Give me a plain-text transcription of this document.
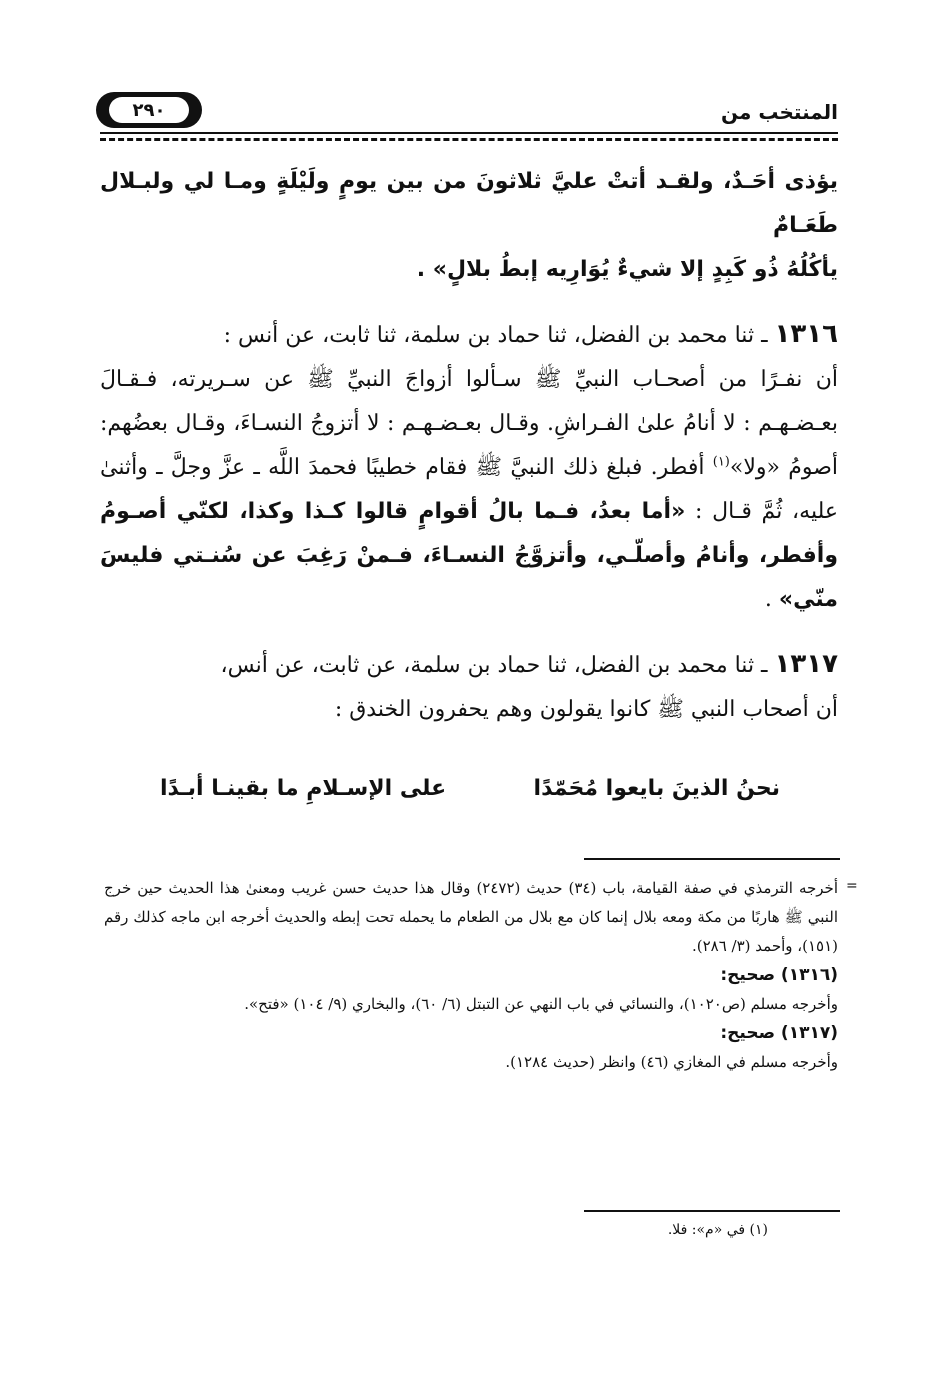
٢٩٠	المنتخب من

يؤذى أحَـدٌ، ولقـد أتتْ عليَّ ثلاثونَ من بين يومٍ ولَيْلَةٍ ومـا لي ولبـلال طَعَـامٌ

يأكُلُهُ ذُو كَبِدٍ إلا شيءٌ يُوَارِيه إبطُ بلالٍ» .

١٣١٦ ـ ثنا محمد بن الفضل، ثنا حماد بن سلمة، ثنا ثابت، عن أنس :

أن نفـرًا من أصحـاب النبيِّ ﷺ سـألوا أزواجَ النبيِّ ﷺ عن سـريرته، فـقـالَ بعـضـهـم : لا أنامُ علىٰ الفـراشِ. وقـال بعـضـهـم : لا أتزوجُ النسـاءَ، وقـال بعضُهم: أصومُ «ولا»$^{(١)}$ أفطر. فبلغ ذلك النبيَّ ﷺ فقام خطيبًا فحمدَ اللَّه ـ عزَّ وجلَّ ـ وأثنىٰ عليه، ثُمَّ قـال : «أما بعدُ، فـما بالُ أقوامٍ قالوا كـذا وكذا، لكنّي أصـومُ وأفطر، وأنامُ وأصلّـي، وأتزوَّجُ النسـاءَ، فـمنْ رَغِبَ عن سُنـتي فليسَ منّي» .

١٣١٧ ـ ثنا محمد بن الفضل، ثنا حماد بن سلمة، عن ثابت، عن أنس،

أن أصحاب النبي ﷺ كانوا يقولون وهم يحفرون الخندق :

نحنُ الذينَ بايعوا مُحَمّدًا
على الإسـلامِ ما بقينـا أبـدًا
=

أخرجه الترمذي في صفة القيامة، باب (٣٤) حديث (٢٤٧٢) وقال هذا حديث حسن غريب ومعنىٰ هذا الحديث حين خرج النبي ﷺ هاربًا من مكة ومعه بلال إنما كان مع بلال من الطعام ما يحمله تحت إبطه والحديث أخرجه ابن ماجه كذلك رقم (١٥١)، وأحمد (٣/ ٢٨٦).

(١٣١٦) صحيح:

وأخرجه مسلم (ص١٠٢٠)، والنسائي في باب النهي عن التبتل (٦/ ٦٠)، والبخاري (٩/ ١٠٤) «فتح».

(١٣١٧) صحيح:

وأخرجه مسلم في المغازي (٤٦) وانظر (حديث ١٢٨٤).

(١) في «م»: فلا.
